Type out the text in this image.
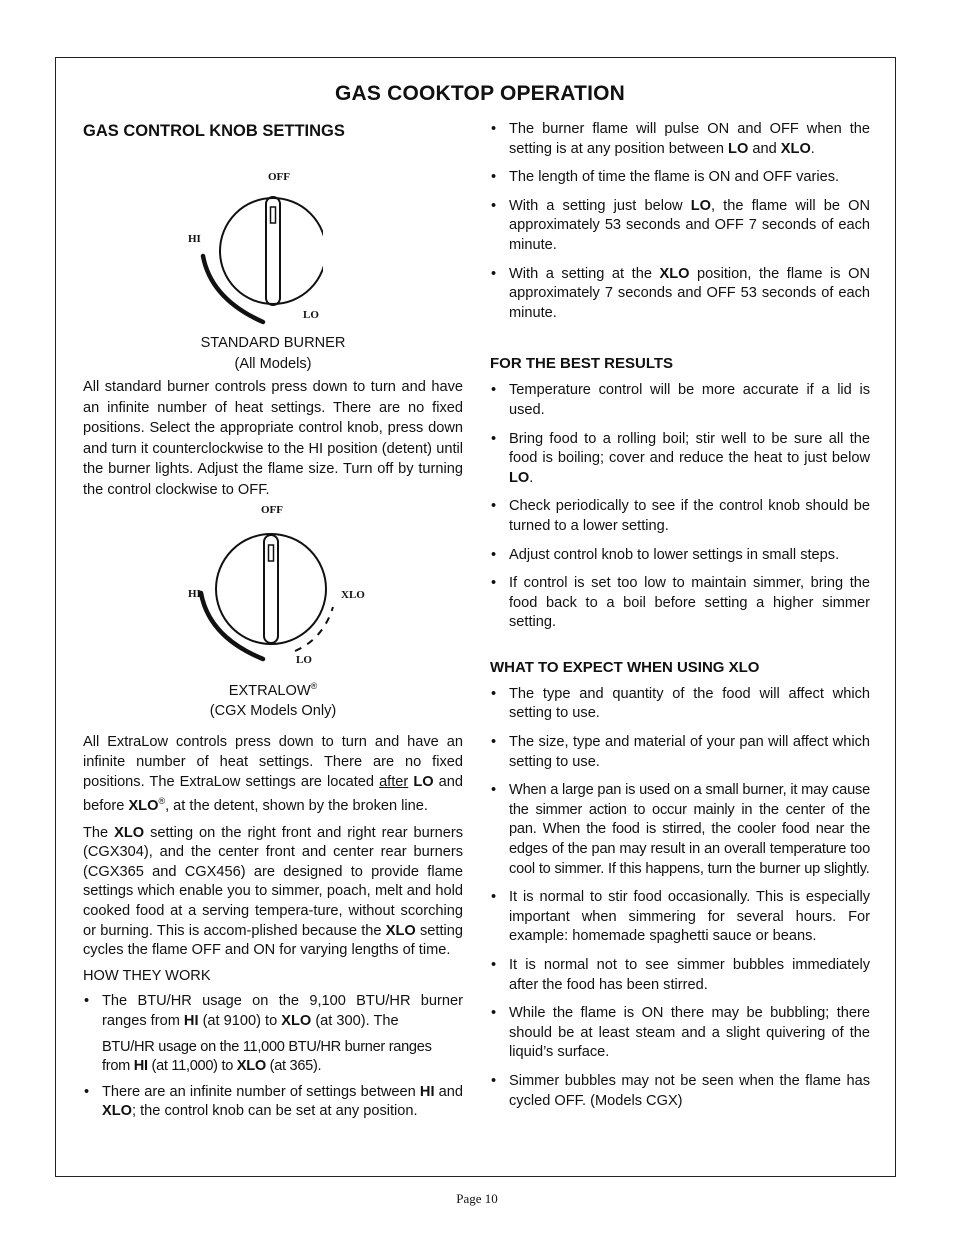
GAS COOKTOP OPERATION
GAS CONTROL KNOB SETTINGS
OFF
HI
LO
STANDARD BURNER
(All Models)

All standard burner controls press down to turn and have an infinite number of heat settings. There are no fixed positions. Select the appropriate control knob, press down and turn it counterclockwise to the HI position (detent) until the burner lights. Adjust the flame size. Turn off by turning the control clockwise to OFF.

OFF
HI	XLO
LO
EXTRALOW®
(CGX Models Only)

All ExtraLow controls press down to turn and have an infinite number of heat settings. There are no fixed positions. The ExtraLow settings are located after LO and before XLO®, at the detent, shown by the broken line.

The XLO setting on the right front and right rear burners (CGX304), and the center front and center rear burners (CGX365 and CGX456) are designed to provide flame settings which enable you to simmer, poach, melt and hold cooked food at a serving tempera-ture, without scorching or burning. This is accom-plished because the XLO setting cycles the flame OFF and ON for varying lengths of time.

HOW THEY WORK
• The BTU/HR usage on the 9,100 BTU/HR burner ranges from HI (at 9100) to XLO (at 300). The
BTU/HR usage on the 11,000 BTU/HR burner ranges from HI (at 11,000) to XLO (at 365).
• There are an infinite number of settings between HI and XLO; the control knob can be set at any position.
• The burner flame will pulse ON and OFF when the setting is at any position between LO and XLO.
• The length of time the flame is ON and OFF varies.
• With a setting just below LO, the flame will be ON approximately 53 seconds and OFF 7 seconds of each minute.
• With a setting at the XLO position, the flame is ON approximately 7 seconds and OFF 53 seconds of each minute.
FOR THE BEST RESULTS
• Temperature control will be more accurate if a lid is used.
• Bring food to a rolling boil; stir well to be sure all the food is boiling; cover and reduce the heat to just below LO.
• Check periodically to see if the control knob should be turned to a lower setting.
• Adjust control knob to lower settings in small steps.
• If control is set too low to maintain simmer, bring the food back to a boil before setting a higher simmer setting.
WHAT TO EXPECT WHEN USING XLO
• The type and quantity of the food will affect which setting to use.
• The size, type and material of your pan will affect which setting to use.
• When a large pan is used on a small burner, it may cause the simmer action to occur mainly in the center of the pan. When the food is stirred, the cooler food near the edges of the pan may result in an overall temperature too cool to simmer. If this happens, turn the burner up slightly.
• It is normal to stir food occasionally. This is especially important when simmering for several hours. For example: homemade spaghetti sauce or beans.
• It is normal not to see simmer bubbles immediately after the food has been stirred.
• While the flame is ON there may be bubbling; there should be at least steam and a slight quivering of the liquid’s surface.
• Simmer bubbles may not be seen when the flame has cycled OFF. (Models CGX)
Page 10
